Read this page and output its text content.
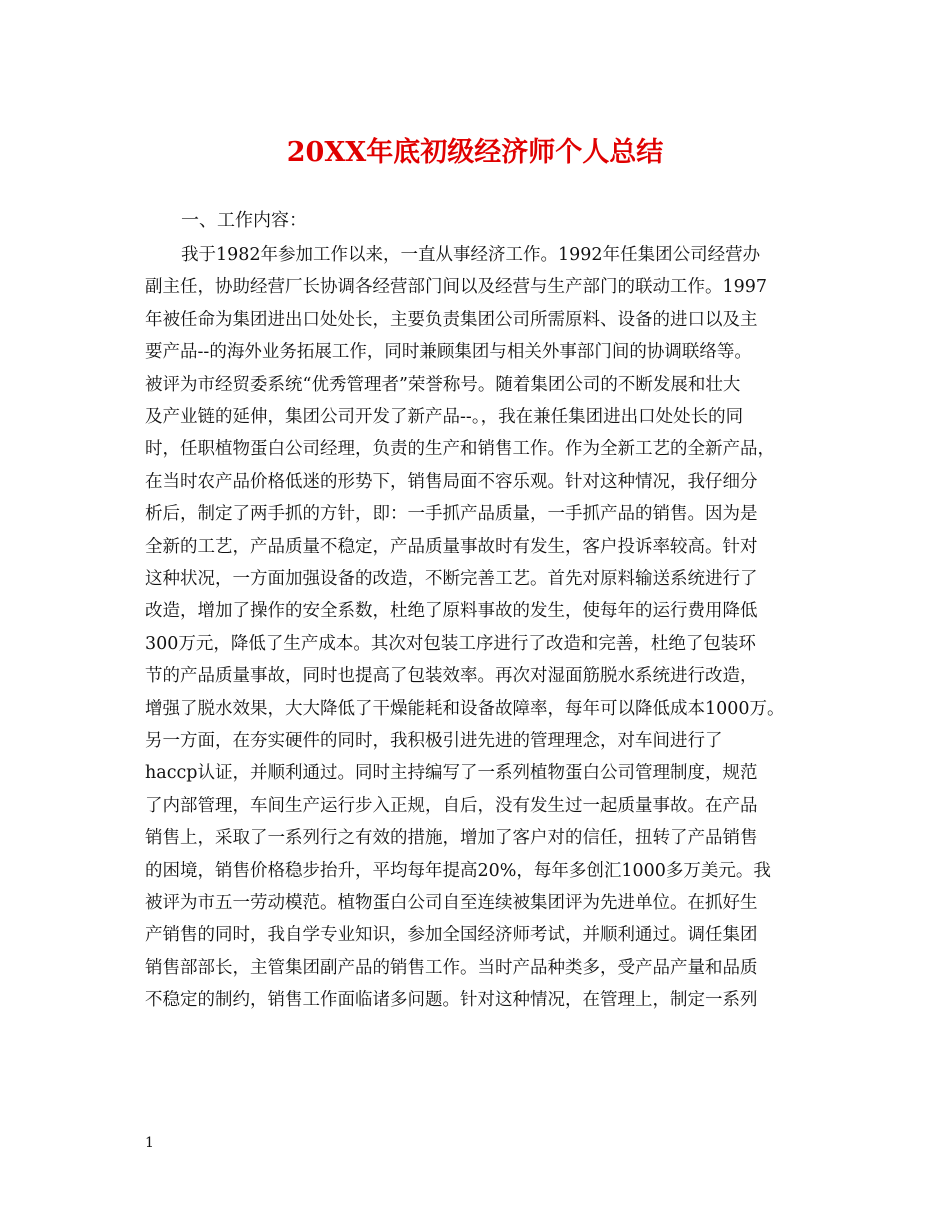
20XX年底初级经济师个人总结
一、工作内容：
我于1982年参加工作以来，一直从事经济工作。1992年任集团公司经营办
副主任，协助经营厂长协调各经营部门间以及经营与生产部门的联动工作。1997
年被任命为集团进出口处处长，主要负责集团公司所需原料、设备的进口以及主
要产品--的海外业务拓展工作，同时兼顾集团与相关外事部门间的协调联络等。
被评为市经贸委系统“优秀管理者”荣誉称号。随着集团公司的不断发展和壮大
及产业链的延伸，集团公司开发了新产品--。，我在兼任集团进出口处处长的同
时，任职植物蛋白公司经理，负责的生产和销售工作。作为全新工艺的全新产品，
在当时农产品价格低迷的形势下，销售局面不容乐观。针对这种情况，我仔细分
析后，制定了两手抓的方针，即：一手抓产品质量，一手抓产品的销售。因为是
全新的工艺，产品质量不稳定，产品质量事故时有发生，客户投诉率较高。针对
这种状况，一方面加强设备的改造，不断完善工艺。首先对原料输送系统进行了
改造，增加了操作的安全系数，杜绝了原料事故的发生，使每年的运行费用降低
300万元，降低了生产成本。其次对包装工序进行了改造和完善，杜绝了包装环
节的产品质量事故，同时也提高了包装效率。再次对湿面筋脱水系统进行改造，
增强了脱水效果，大大降低了干燥能耗和设备故障率，每年可以降低成本1000万。
另一方面，在夯实硬件的同时，我积极引进先进的管理理念，对车间进行了
haccp认证，并顺利通过。同时主持编写了一系列植物蛋白公司管理制度，规范
了内部管理，车间生产运行步入正规，自后，没有发生过一起质量事故。在产品
销售上，采取了一系列行之有效的措施，增加了客户对的信任，扭转了产品销售
的困境，销售价格稳步抬升，平均每年提高20%，每年多创汇1000多万美元。我
被评为市五一劳动模范。植物蛋白公司自至连续被集团评为先进单位。在抓好生
产销售的同时，我自学专业知识，参加全国经济师考试，并顺利通过。调任集团
销售部部长，主管集团副产品的销售工作。当时产品种类多，受产品产量和品质
不稳定的制约，销售工作面临诸多问题。针对这种情况，在管理上，制定一系列
1
